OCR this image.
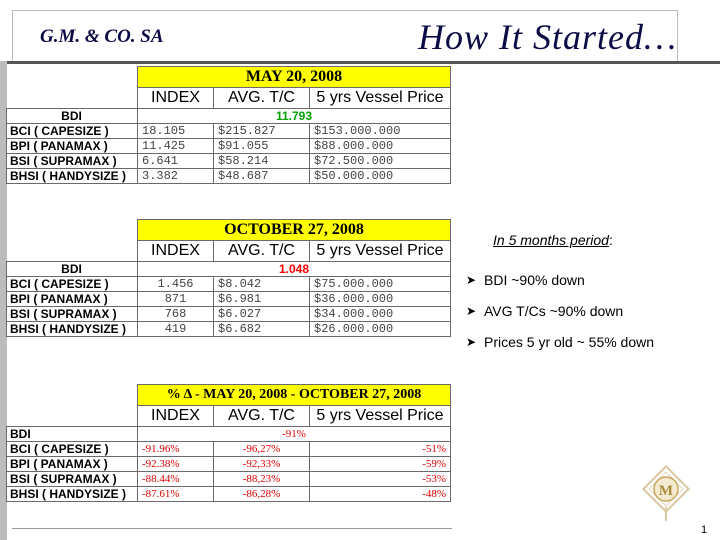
G.M. & CO. SA	How It Started…
	MAY 20, 2008		
	INDEX	AVG. T/C	5 yrs Vessel Price
BDI	11.793		
BCI ( CAPESIZE )	18.105	$215.827	$153.000.000
BPI ( PANAMAX )	11.425	$91.055	$88.000.000
BSI ( SUPRAMAX )	6.641	$58.214	$72.500.000
BHSI ( HANDYSIZE )	3.382	$48.687	$50.000.000
	OCTOBER 27, 2008		
	INDEX	AVG. T/C	5 yrs Vessel Price
BDI	1.048		
BCI ( CAPESIZE )	1.456	$8.042	$75.000.000
BPI ( PANAMAX )	871	$6.981	$36.000.000
BSI ( SUPRAMAX )	768	$6.027	$34.000.000
BHSI ( HANDYSIZE )	419	$6.682	$26.000.000
	% Δ - MAY 20, 2008 - OCTOBER 27, 2008		
	INDEX	AVG. T/C	5 yrs Vessel Price
BDI	-91%		
BCI ( CAPESIZE )	-91.96%	-96,27%	-51%
BPI ( PANAMAX )	-92.38%	-92,33%	-59%
BSI ( SUPRAMAX )	-88.44%	-88,23%	-53%
BHSI ( HANDYSIZE )	-87.61%	-86,28%	-48%
In 5 months period:
➤ BDI ~90% down
➤ AVG T/Cs ~90% down
➤ Prices 5 yr old ~ 55% down
M
1
